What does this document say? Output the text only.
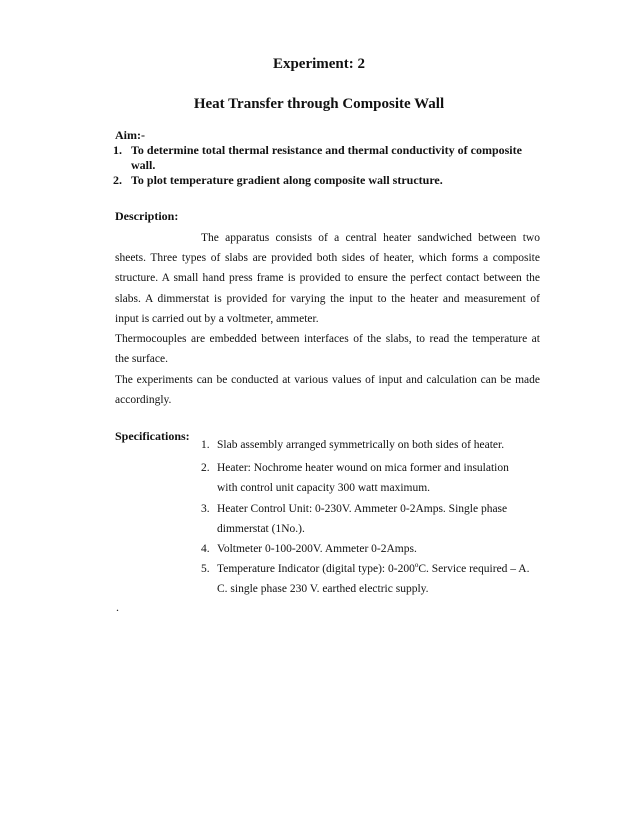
Experiment: 2
Heat Transfer through Composite Wall
Aim:-
1. To determine total thermal resistance and thermal conductivity of composite
wall.
2. To plot temperature gradient along composite wall structure.
Description:
The apparatus consists of a central heater sandwiched between two
sheets. Three types of slabs are provided both sides of heater, which forms a composite
structure. A small hand press frame is provided to ensure the perfect contact between the
slabs. A dimmerstat is provided for varying the input to the heater and measurement of
input is carried out by a voltmeter, ammeter.
Thermocouples are embedded between interfaces of the slabs, to read the temperature at
the surface.
The experiments can be conducted at various values of input and calculation can be made
accordingly.
Specifications:
1. Slab assembly arranged symmetrically on both sides of heater.
2. Heater: Nochrome heater wound on mica former and insulation
with control unit capacity 300 watt maximum.
3. Heater Control Unit: 0-230V. Ammeter 0-2Amps. Single phase
dimmerstat (1No.).
4. Voltmeter 0-100-200V. Ammeter 0-2Amps.
5. Temperature Indicator (digital type): 0-200$^o$C. Service required – A.
C. single phase 230 V. earthed electric supply.
.
